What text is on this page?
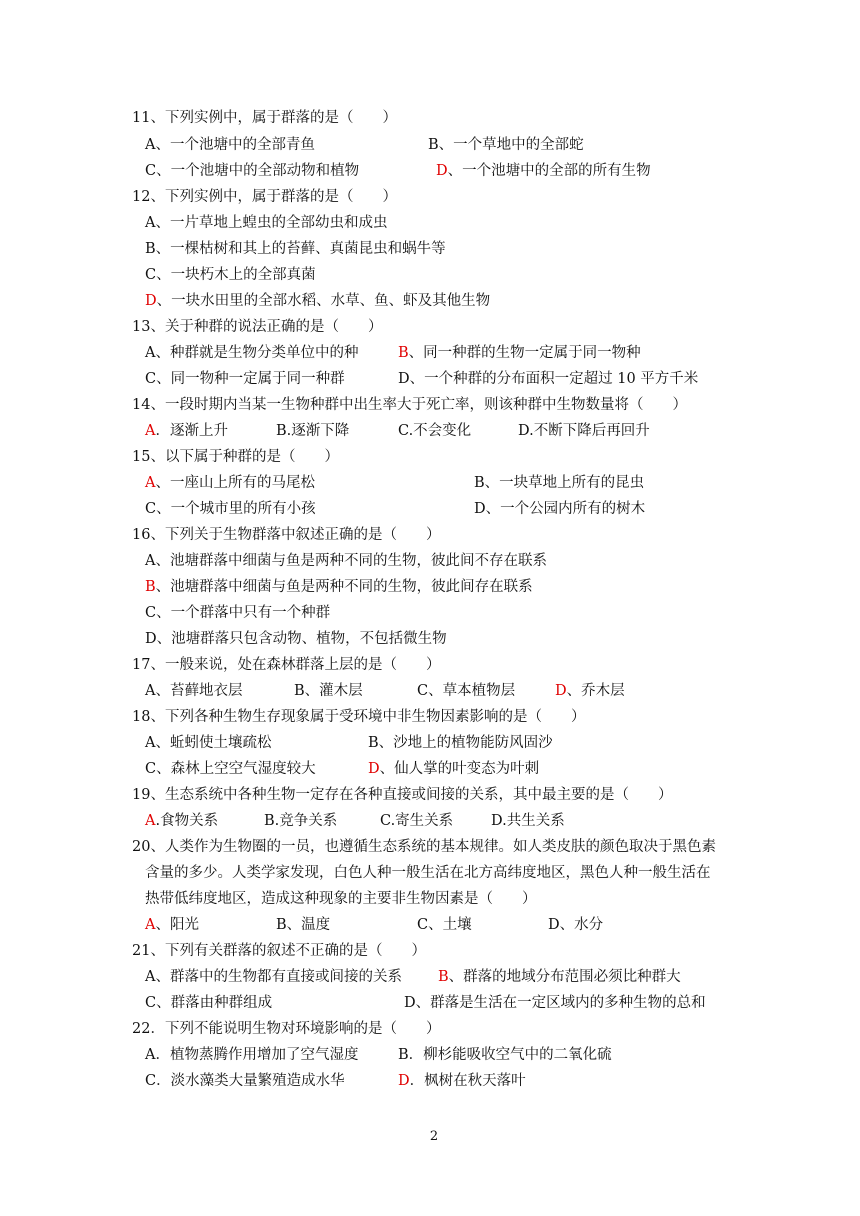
11、下列实例中，属于群落的是（　　）
A、一个池塘中的全部青鱼	B、一个草地中的全部蛇
C、一个池塘中的全部动物和植物	D、一个池塘中的全部的所有生物
12、下列实例中，属于群落的是（　　）
A、一片草地上蝗虫的全部幼虫和成虫
B、一棵枯树和其上的苔藓、真菌昆虫和蜗牛等
C、一块朽木上的全部真菌
D、一块水田里的全部水稻、水草、鱼、虾及其他生物
13、关于种群的说法正确的是（　　）
A、种群就是生物分类单位中的种	B、同一种群的生物一定属于同一物种
C、同一物种一定属于同一种群	D、一个种群的分布面积一定超过 10 平方千米
14、一段时期内当某一生物种群中出生率大于死亡率，则该种群中生物数量将（　　）
A．逐渐上升	B.逐渐下降	C.不会变化	D.不断下降后再回升
15、以下属于种群的是（　　）
A、一座山上所有的马尾松	B、一块草地上所有的昆虫
C、一个城市里的所有小孩	D、一个公园内所有的树木
16、下列关于生物群落中叙述正确的是（　　）
A、池塘群落中细菌与鱼是两种不同的生物，彼此间不存在联系
B、池塘群落中细菌与鱼是两种不同的生物，彼此间存在联系
C、一个群落中只有一个种群
D、池塘群落只包含动物、植物，不包括微生物
17、一般来说，处在森林群落上层的是（　　）
A、苔藓地衣层	B、灌木层	C、草本植物层	D、乔木层
18、下列各种生物生存现象属于受环境中非生物因素影响的是（　　）
A、蚯蚓使土壤疏松	B、沙地上的植物能防风固沙
C、森林上空空气湿度较大	D、仙人掌的叶变态为叶刺
19、生态系统中各种生物一定存在各种直接或间接的关系，其中最主要的是（　　）
A.食物关系	B.竞争关系	C.寄生关系	D.共生关系
20、人类作为生物圈的一员，也遵循生态系统的基本规律。如人类皮肤的颜色取决于黑色素
含量的多少。人类学家发现，白色人种一般生活在北方高纬度地区，黑色人种一般生活在
热带低纬度地区，造成这种现象的主要非生物因素是（　　）
A、阳光	B、温度	C、土壤	D、水分
21、下列有关群落的叙述不正确的是（　　）
A、群落中的生物都有直接或间接的关系 B、群落的地域分布范围必须比种群大
C、群落由种群组成	D、群落是生活在一定区域内的多种生物的总和
22．下列不能说明生物对环境影响的是（　　）
A．植物蒸腾作用增加了空气湿度	B．柳杉能吸收空气中的二氧化硫
C．淡水藻类大量繁殖造成水华	D．枫树在秋天落叶
2
